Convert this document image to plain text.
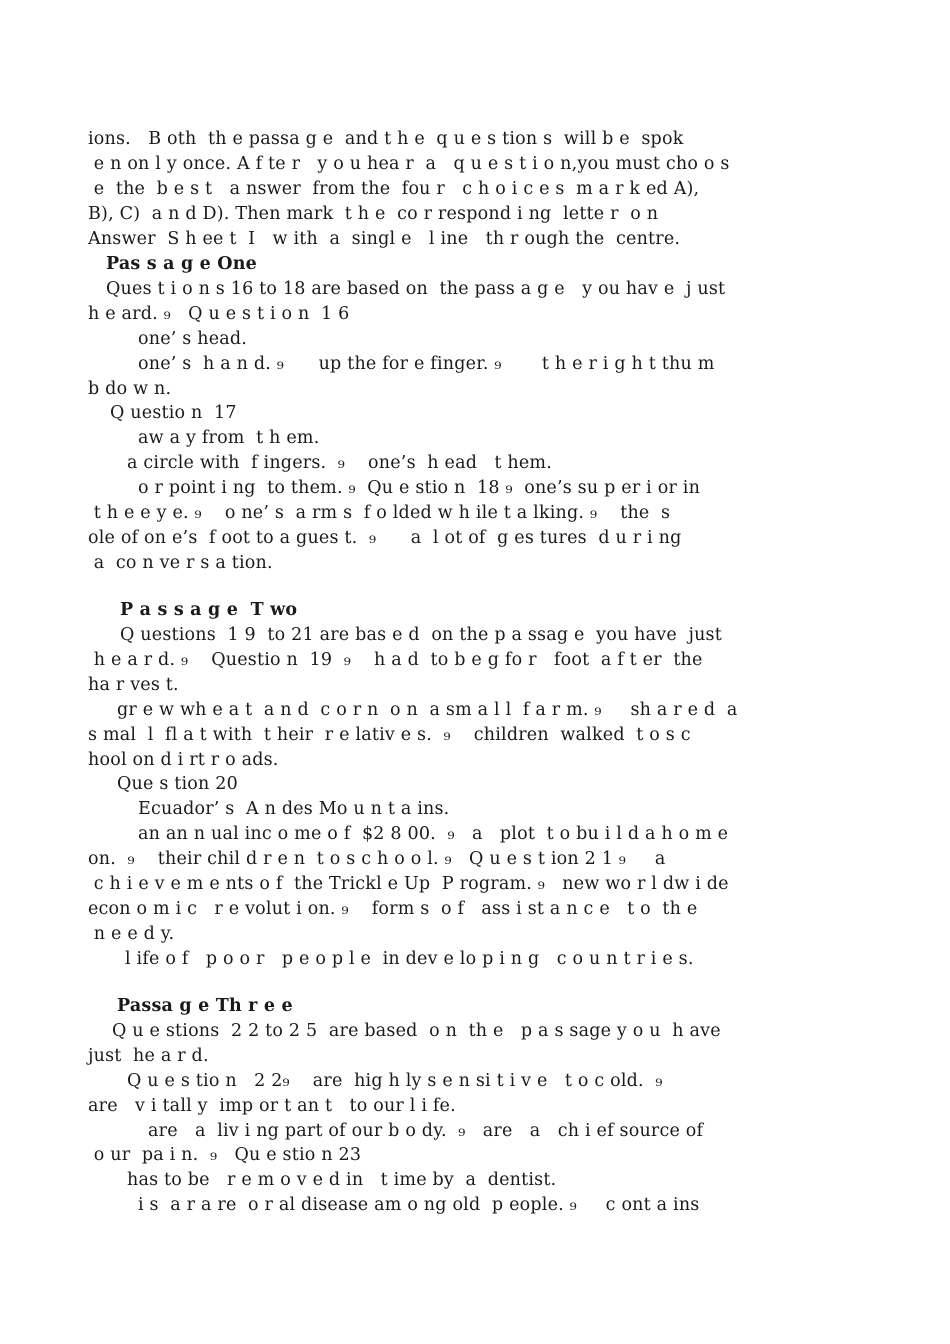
ions.   B oth  th e passa g e  and t h e  q u e s tion s  will b e  spok
e n on l y once. A f te r   y o u hea r  a   q u e s t i o n,you must cho o s
e  the  b e s t   a nswer  from the  fou r   c h o i c e s  m a r k ed A),
B), C)  a n d D). Then mark  t h e  co r respond i ng  lette r  o n
Answer  S h ee t  I   w ith  a  singl e   l ine   th r ough the  centre.
Pas s a g e One
Ques t i o n s 16 to 18 are based on  the pass a g e   y ou hav e  j ust
h e ard. ₉   Q u e s t i o n  1 6
one’ s head.
one’ s  h a n d. ₉      up the for e finger. ₉       t h e r i g h t thu m
b do w n.
Q uestio n  17
aw a y from  t h em.
a circle with  f ingers.  ₉    one’s  h ead   t hem.
o r point i ng  to them. ₉  Qu e stio n  18 ₉  one’s su p er i or in
t h e e y e. ₉    o ne’ s  a rm s  f o lded w h ile t a lking. ₉    the  s
ole of on e’s  f oot to a gues t.  ₉      a  l ot of  g es tures  d u r i ng
a  co n ve r s a tion.
P a s s a g e  T wo
Q uestions  1 9  to 21 are bas e d  on the p a ssag e  you have  just
h e a r d. ₉    Questio n  19  ₉    h a d  to b e g fo r   foot  a f t er  the
ha r ves t.
gr e w wh e a t  a n d  c o r n  o n  a sm a l l  f a r m. ₉     sh a r e d  a
s mal  l  fl a t with  t heir  r e lativ e s.  ₉    children  walked  t o s c
hool on d i rt r o ads.
Que s tion 20
Ecuador’ s  A n des Mo u n t a ins.
an an n ual inc o me o f  $2 8 00.  ₉   a   plot  t o bu i l d a h o m e
on.  ₉    their chil d r e n  t o s c h o o l. ₉   Q u e s t ion 2 1 ₉     a
c h i e v e m e nts o f  the Trickl e Up  P rogram. ₉   new wo r l dw i de
econ o m i c   r e volut i on. ₉    form s  o f   ass i st a n c e   t o  th e
n e e d y.
l ife o f   p o o r   p e o p l e  in dev e lo p i n g   c o u n t r i e s.
Passa g e Th r e e
Q u e stions  2 2 to 2 5  are based  o n  th e   p a s sage y o u  h ave
just  he a r d.
Q u e s tio n   2 2₉    are  hig h ly s e n si t i v e   t o c old.  ₉
are   v i tall y  imp or t an t   to our l i fe.
are   a  liv i ng part of our b o dy.  ₉   are   a   ch i ef source of
o ur  pa i n.  ₉   Qu e stio n 23
has to be   r e m o v e d in   t ime by  a  dentist.
i s  a r a re  o r al disease am o ng old  p eople. ₉     c ont a ins
